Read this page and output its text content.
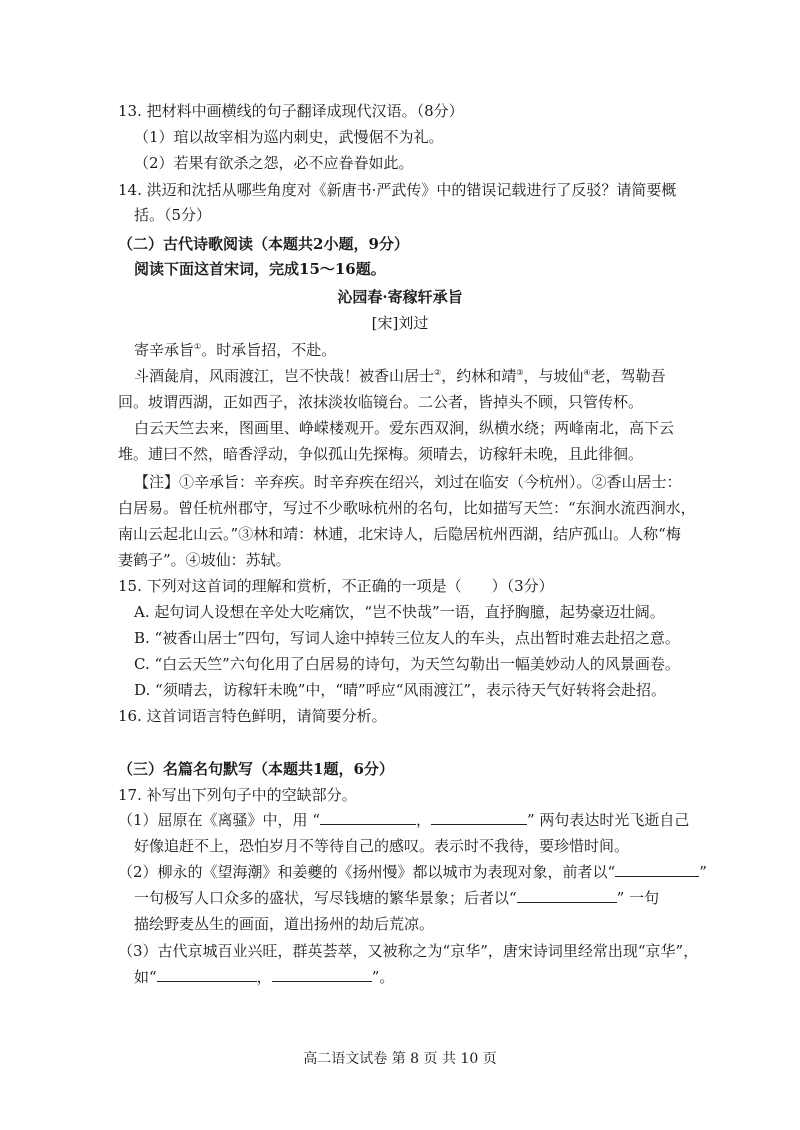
13. 把材料中画横线的句子翻译成现代汉语。（8分）
（1）琯以故宰相为巡内刺史，武慢倨不为礼。
（2）若果有欲杀之怨，必不应眷眷如此。
14. 洪迈和沈括从哪些角度对《新唐书·严武传》中的错误记载进行了反驳？请简要概
括。（5分）
（二）古代诗歌阅读（本题共2小题，9分）
阅读下面这首宋词，完成15～16题。
沁园春·寄稼轩承旨
[宋]刘过
寄辛承旨①。时承旨招，不赴。
斗酒彘肩，风雨渡江，岂不快哉！被香山居士②，约林和靖③，与坡仙④老，驾勒吾
回。坡谓西湖，正如西子，浓抹淡妆临镜台。二公者，皆掉头不顾，只管传杯。
白云天竺去来，图画里、峥嵘楼观开。爱东西双涧，纵横水绕；两峰南北，高下云
堆。逋曰不然，暗香浮动，争似孤山先探梅。须晴去，访稼轩未晚，且此徘徊。
【注】①辛承旨：辛弃疾。时辛弃疾在绍兴，刘过在临安（今杭州）。②香山居士：
白居易。曾任杭州郡守，写过不少歌咏杭州的名句，比如描写天竺：“东涧水流西涧水，
南山云起北山云。”③林和靖：林逋，北宋诗人，后隐居杭州西湖，结庐孤山。人称“梅
妻鹤子”。④坡仙：苏轼。
15. 下列对这首词的理解和赏析，不正确的一项是（　　）（3分）
A. 起句词人设想在辛处大吃痛饮，“岂不快哉”一语，直抒胸臆，起势豪迈壮阔。
B. “被香山居士”四句，写词人途中掉转三位友人的车头，点出暂时难去赴招之意。
C. “白云天竺”六句化用了白居易的诗句，为天竺勾勒出一幅美妙动人的风景画卷。
D. “须晴去，访稼轩未晚”中，“晴”呼应“风雨渡江”，表示待天气好转将会赴招。
16. 这首词语言特色鲜明，请简要分析。
（三）名篇名句默写（本题共1题，6分）
17. 补写出下列句子中的空缺部分。
（1）屈原在《离骚》中，用 “	，	” 两句表达时光飞逝自己
好像追赶不上，恐怕岁月不等待自己的感叹。表示时不我待，要珍惜时间。
（2）柳永的《望海潮》和姜夔的《扬州慢》都以城市为表现对象，前者以“	”
一句极写人口众多的盛状，写尽钱塘的繁华景象；后者以“	” 一句
描绘野麦丛生的画面，道出扬州的劫后荒凉。
（3）古代京城百业兴旺，群英荟萃，又被称之为“京华”，唐宋诗词里经常出现“京华”，
如“	，	”。
高二语文试卷 第 8 页 共 10 页
